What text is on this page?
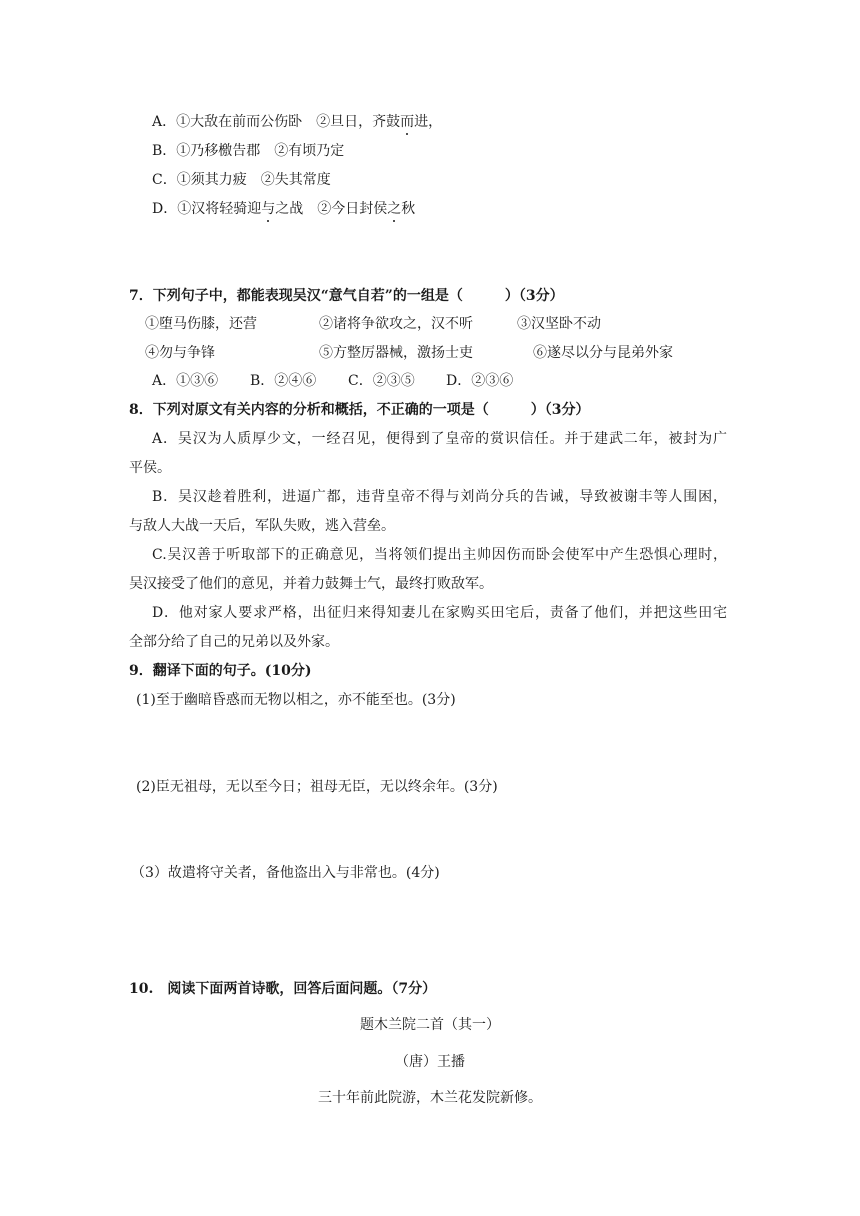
A．①大敌在前而公伤卧　②旦日，齐鼓而进，
B．①乃移檄告郡　②有顷乃定
C．①须其力疲　②失其常度
D．①汉将轻骑迎与之战　②今日封侯之秋
7．下列句子中，都能表现吴汉“意气自若”的一组是（　　　）（3分）
①堕马伤膝，还营	②诸将争欲攻之，汉不听	③汉坚卧不动
④勿与争锋	⑤方整厉器械，激扬士吏	⑥遂尽以分与昆弟外家
A．①③⑥ B．②④⑥ C．②③⑤ D．②③⑥
8．下列对原文有关内容的分析和概括，不正确的一项是（　　　）（3分）
A．吴汉为人质厚少文，一经召见，便得到了皇帝的赏识信任。并于建武二年，被封为广
平侯。
B．吴汉趁着胜利，进逼广都，违背皇帝不得与刘尚分兵的告诫，导致被谢丰等人围困，
与敌人大战一天后，军队失败，逃入营垒。
C.吴汉善于听取部下的正确意见，当将领们提出主帅因伤而卧会使军中产生恐惧心理时，
吴汉接受了他们的意见，并着力鼓舞士气，最终打败敌军。
D．他对家人要求严格，出征归来得知妻儿在家购买田宅后，责备了他们，并把这些田宅
全部分给了自己的兄弟以及外家。
9．翻译下面的句子。(10分)
(1)至于幽暗昏惑而无物以相之，亦不能至也。(3分)
(2)臣无祖母，无以至今日；祖母无臣，无以终余年。(3分)
（3）故遣将守关者，备他盗出入与非常也。(4分)
10.　阅读下面两首诗歌，回答后面问题。（7分）
题木兰院二首（其一）
（唐）王播
三十年前此院游，木兰花发院新修。
